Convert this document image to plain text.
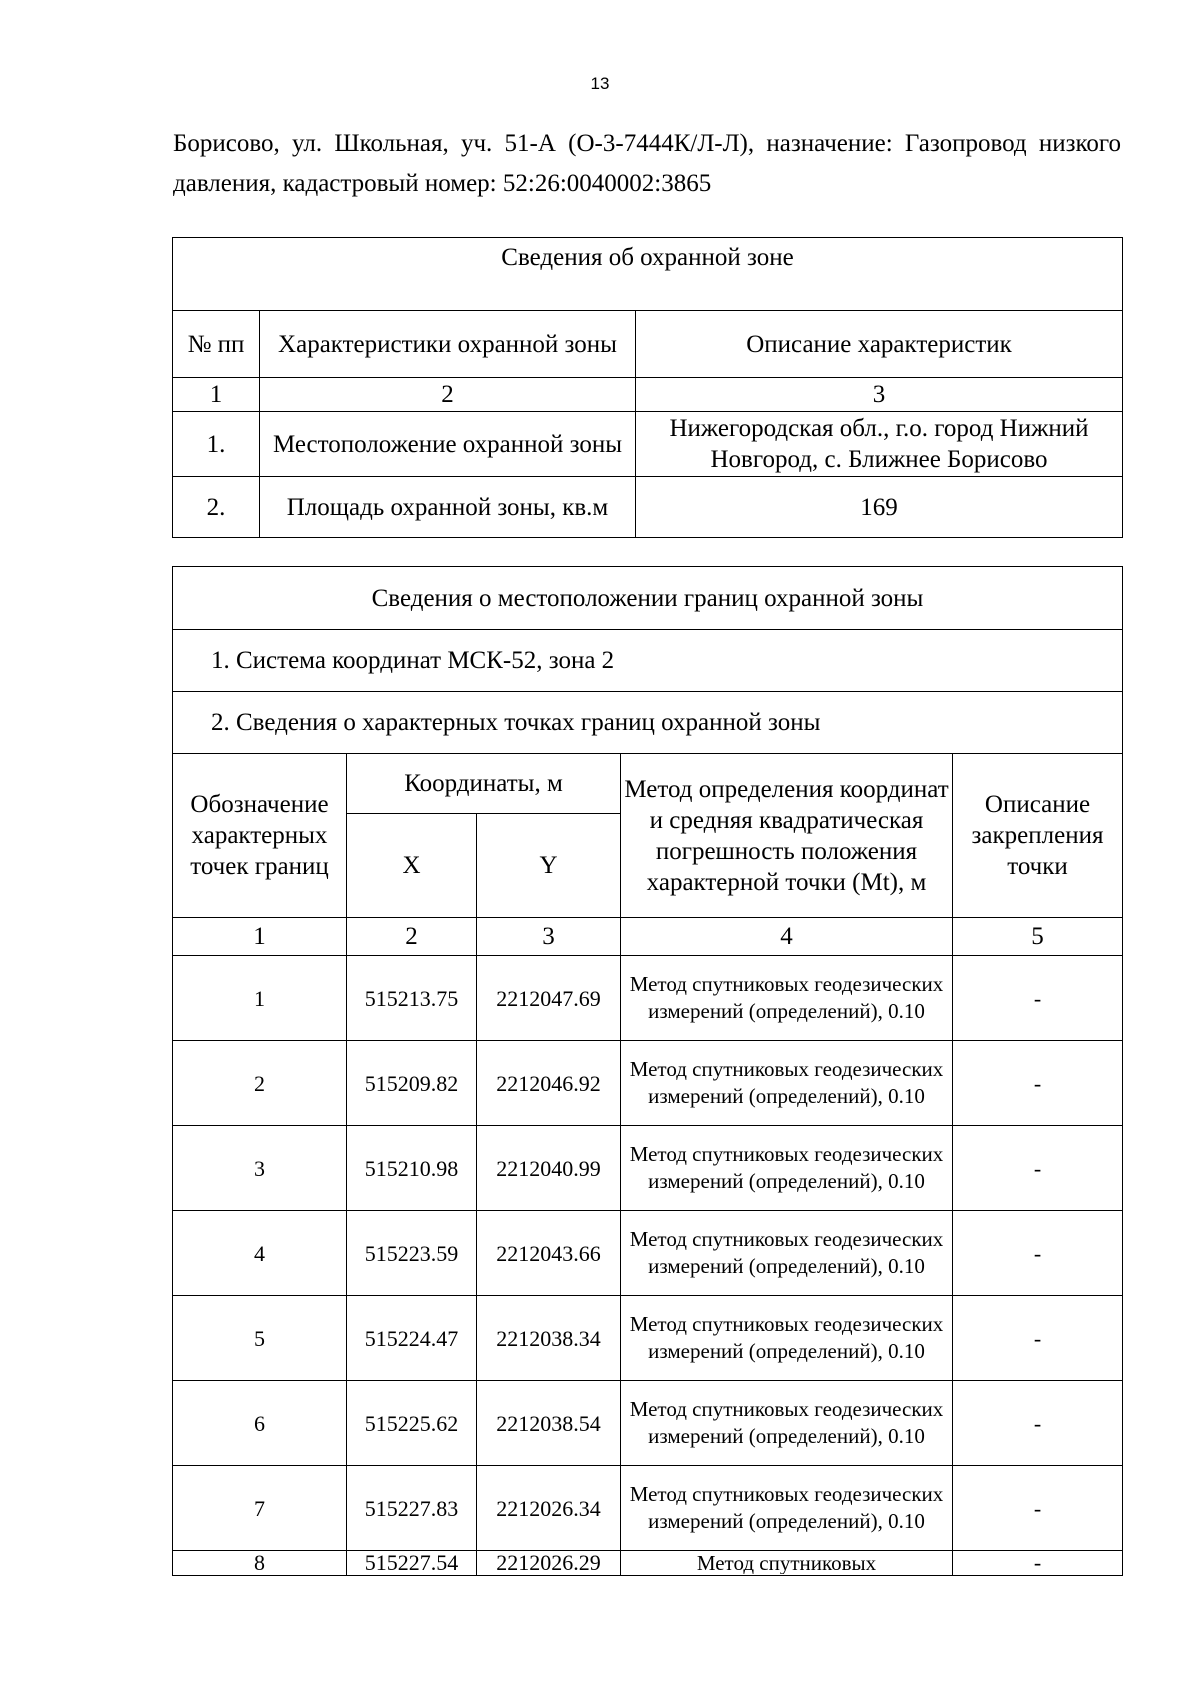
13
Борисово, ул. Школьная, уч. 51-А (О-3-7444К/Л-Л), назначение: Газопровод низкого давления, кадастровый номер: 52:26:0040002:3865
Сведения об охранной зоне		
№ пп	Характеристики охранной зоны	Описание характеристик
1	2	3
1.	Местоположение охранной зоны	Нижегородская обл., г.о. город Нижний Новгород, с. Ближнее Борисово
2.	Площадь охранной зоны, кв.м	169
Сведения о местоположении границ охранной зоны				
1. Система координат МСК-52, зона 2				
2. Сведения о характерных точках границ охранной зоны				
Обозначение характерных точек границ	Координаты, м		Метод определения координат и средняя квадратическая погрешность положения характерной точки (Mt), м	Описание закрепления точки
	X	Y		
1	2	3	4	5
1	515213.75	2212047.69	Метод спутниковых геодезических измерений (определений), 0.10	-
2	515209.82	2212046.92	Метод спутниковых геодезических измерений (определений), 0.10	-
3	515210.98	2212040.99	Метод спутниковых геодезических измерений (определений), 0.10	-
4	515223.59	2212043.66	Метод спутниковых геодезических измерений (определений), 0.10	-
5	515224.47	2212038.34	Метод спутниковых геодезических измерений (определений), 0.10	-
6	515225.62	2212038.54	Метод спутниковых геодезических измерений (определений), 0.10	-
7	515227.83	2212026.34	Метод спутниковых геодезических измерений (определений), 0.10	-
8	515227.54	2212026.29	Метод спутниковых	-
